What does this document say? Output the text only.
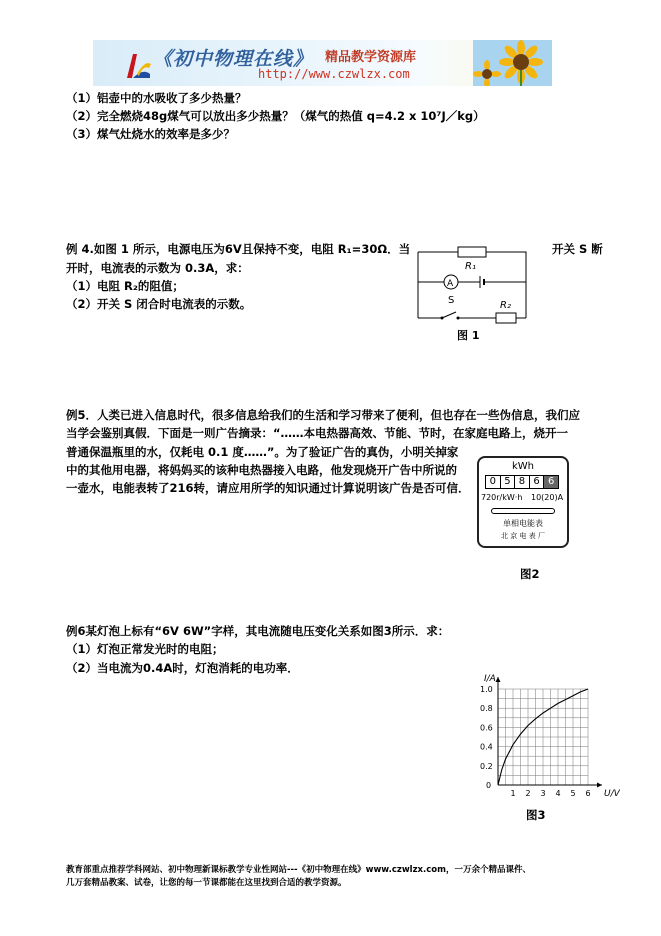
《初中物理在线》 精品教学资源库
http://www.czwlzx.com
（1）铝壶中的水吸收了多少热量？
（2）完全燃烧48g煤气可以放出多少热量？（煤气的热值 q=4.2 x 10⁷J／kg）
（3）煤气灶烧水的效率是多少？
例 4.如图 1 所示，电源电压为6V且保持不变，电阻 R₁=30Ω．当	开关 S 断
开时，电流表的示数为 0.3A，求：
（1）电阻 R₂的阻值；
（2）开关 S 闭合时电流表的示数。
R₁
A
S	R₂
图 1
例5．人类已进入信息时代，很多信息给我们的生活和学习带来了便利，但也存在一些伪信息，我们应
当学会鉴别真假．下面是一则广告摘录：“……本电热器高效、节能、节时，在家庭电路上，烧开一
普通保温瓶里的水，仅耗电 0.1 度……”。为了验证广告的真伪，小明关掉家
中的其他用电器，将妈妈买的该种电热器接入电路，他发现烧开广告中所说的
一壶水，电能表转了216转，请应用所学的知识通过计算说明该广告是否可信．
kWh
0 5 8 6 6
720r/kW·h 10(20)A
单相电能表
北 京 电 表 厂
图2
例6某灯泡上标有“6V 6W”字样，其电流随电压变化关系如图3所示．求：
（1）灯泡正常发光时的电阻；
（2）当电流为0.4A时，灯泡消耗的电功率．
1 2 3 4 5 6
0
0.2
0.4
0.6
0.8
1.0
U/V
I/A
图3
教育部重点推荐学科网站、初中物理新课标教学专业性网站---《初中物理在线》www.czwlzx.com，一万余个精品课件、
几万套精品教案、试卷，让您的每一节课都能在这里找到合适的教学资源。
